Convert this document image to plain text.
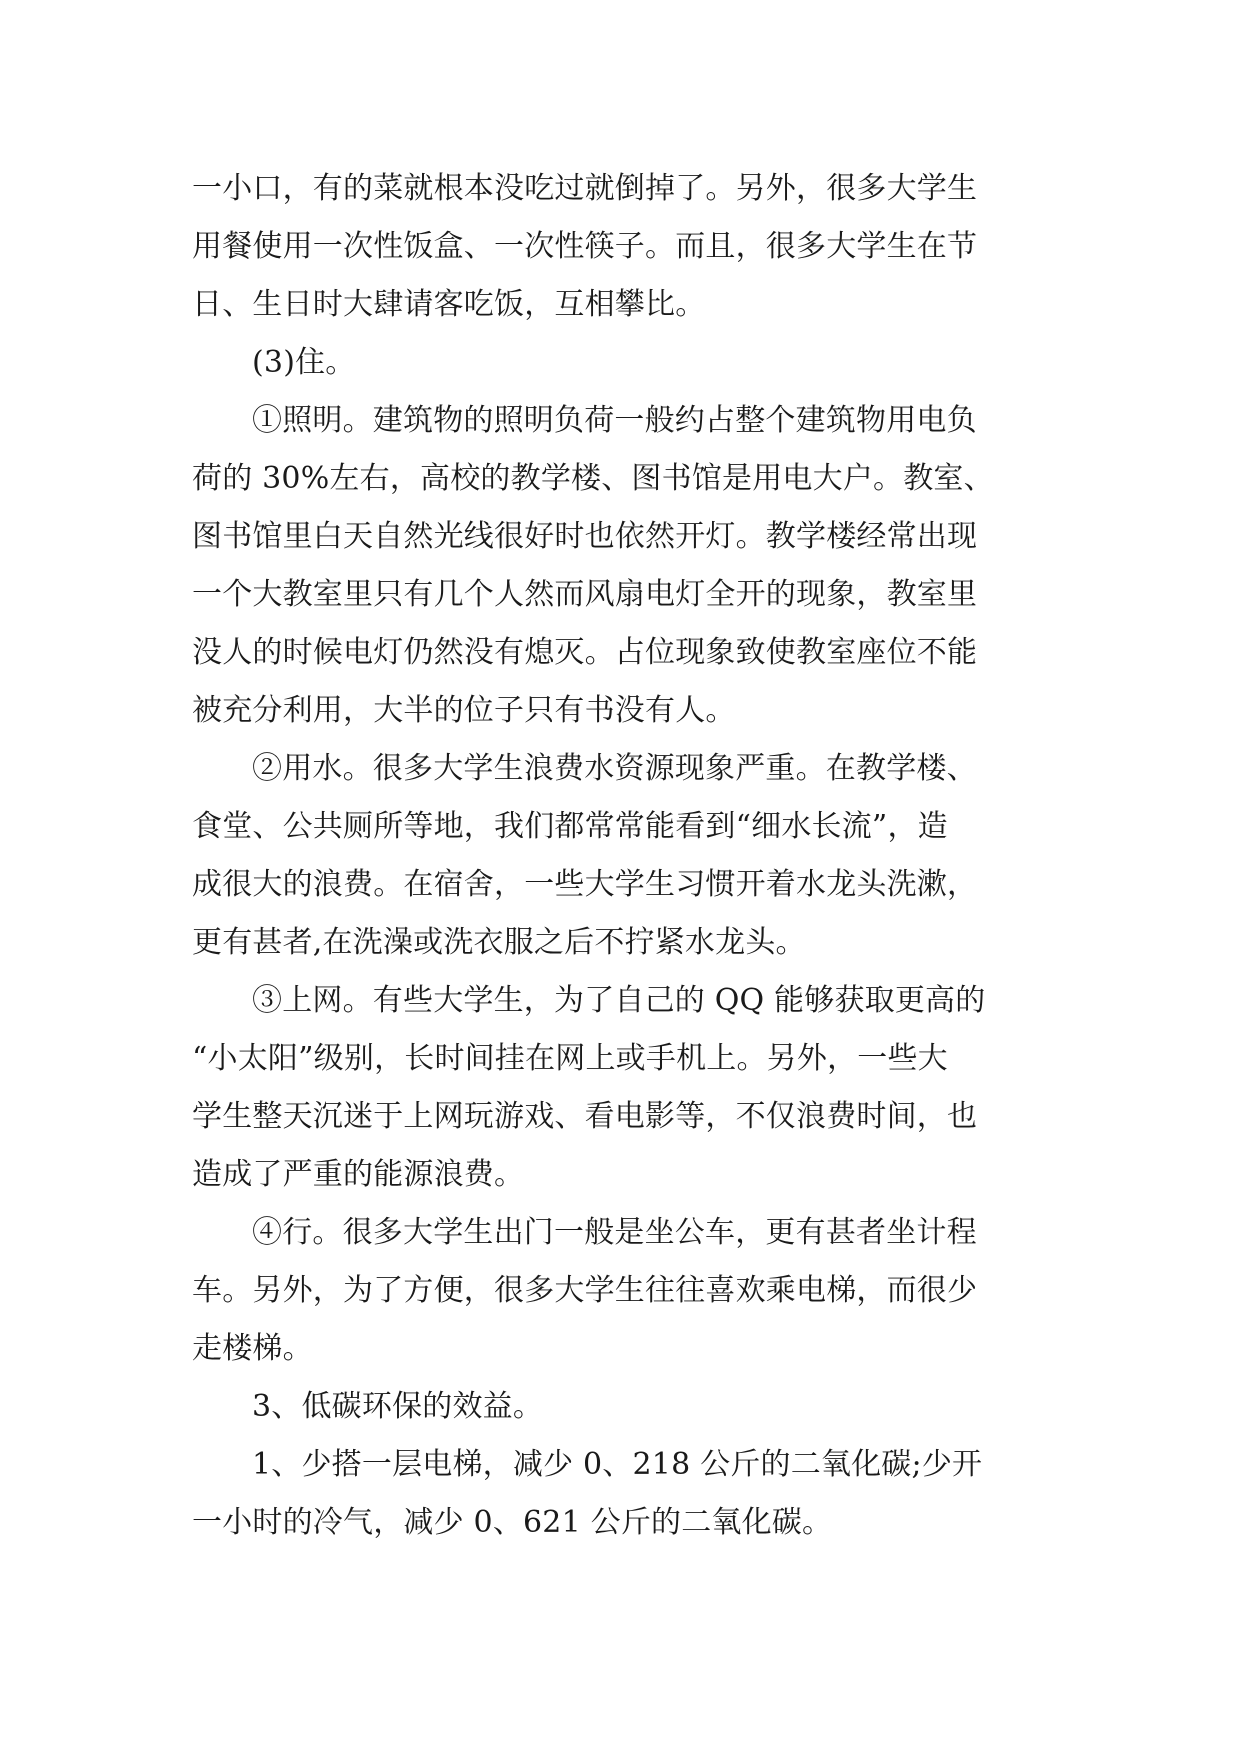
一小口，有的菜就根本没吃过就倒掉了。另外，很多大学生
用餐使用一次性饭盒、一次性筷子。而且，很多大学生在节
日、生日时大肆请客吃饭，互相攀比。
(3)住。
①照明。建筑物的照明负荷一般约占整个建筑物用电负
荷的 30%左右，高校的教学楼、图书馆是用电大户。教室、
图书馆里白天自然光线很好时也依然开灯。教学楼经常出现
一个大教室里只有几个人然而风扇电灯全开的现象，教室里
没人的时候电灯仍然没有熄灭。占位现象致使教室座位不能
被充分利用，大半的位子只有书没有人。
②用水。很多大学生浪费水资源现象严重。在教学楼、
食堂、公共厕所等地，我们都常常能看到“细水长流”，造
成很大的浪费。在宿舍，一些大学生习惯开着水龙头洗漱，
更有甚者,在洗澡或洗衣服之后不拧紧水龙头。
③上网。有些大学生，为了自己的 QQ 能够获取更高的
“小太阳”级别，长时间挂在网上或手机上。另外，一些大
学生整天沉迷于上网玩游戏、看电影等，不仅浪费时间，也
造成了严重的能源浪费。
④行。很多大学生出门一般是坐公车，更有甚者坐计程
车。另外，为了方便，很多大学生往往喜欢乘电梯，而很少
走楼梯。
3、低碳环保的效益。
1、少搭一层电梯，减少 0、218 公斤的二氧化碳;少开
一小时的冷气，减少 0、621 公斤的二氧化碳。
